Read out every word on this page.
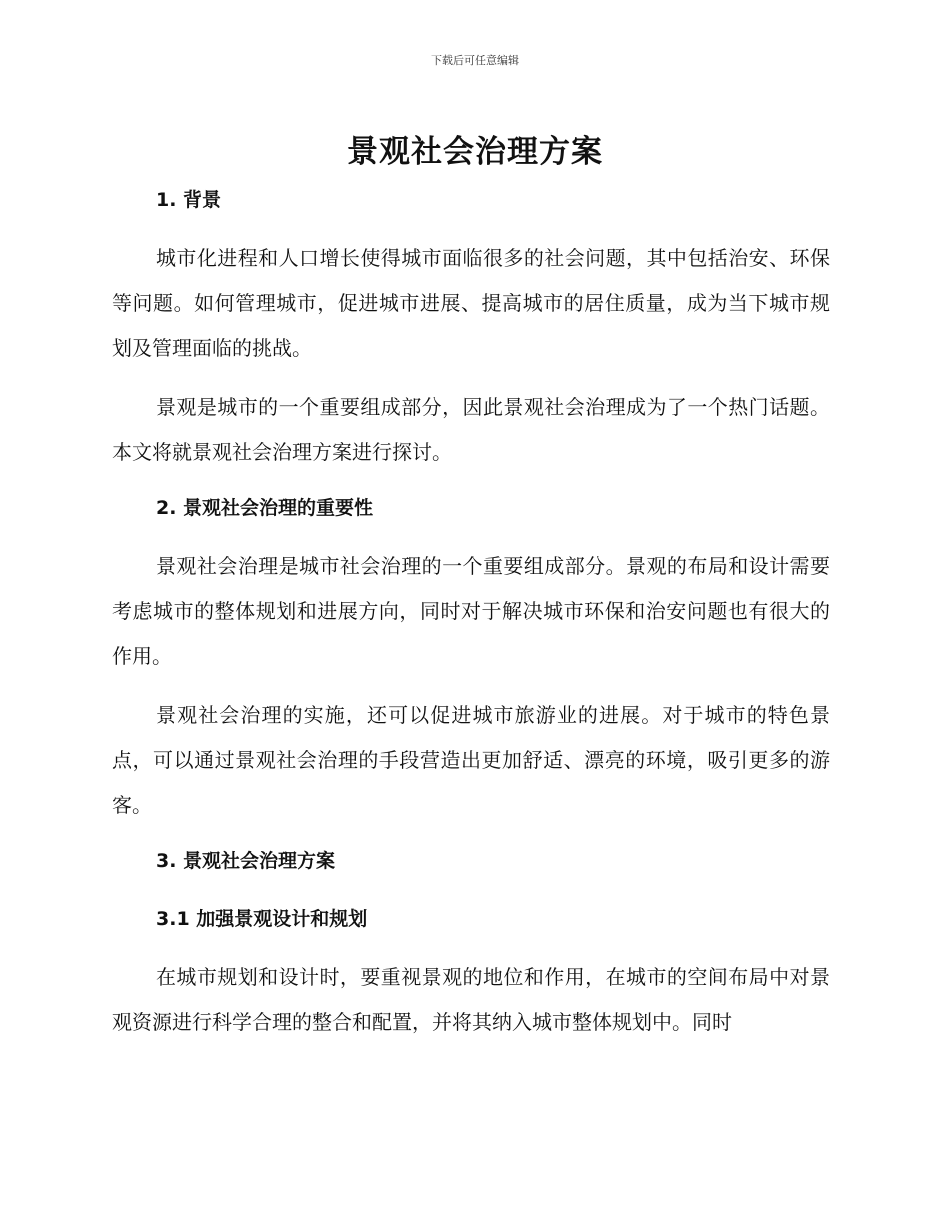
下载后可任意编辑
景观社会治理方案
1. 背景

城市化进程和人口增长使得城市面临很多的社会问题，其中包括治安、环保等问题。如何管理城市，促进城市进展、提高城市的居住质量，成为当下城市规划及管理面临的挑战。

景观是城市的一个重要组成部分，因此景观社会治理成为了一个热门话题。本文将就景观社会治理方案进行探讨。

2. 景观社会治理的重要性

景观社会治理是城市社会治理的一个重要组成部分。景观的布局和设计需要考虑城市的整体规划和进展方向，同时对于解决城市环保和治安问题也有很大的作用。

景观社会治理的实施，还可以促进城市旅游业的进展。对于城市的特色景点，可以通过景观社会治理的手段营造出更加舒适、漂亮的环境，吸引更多的游客。

3. 景观社会治理方案
3.1 加强景观设计和规划

在城市规划和设计时，要重视景观的地位和作用，在城市的空间布局中对景观资源进行科学合理的整合和配置，并将其纳入城市整体规划中。同时
